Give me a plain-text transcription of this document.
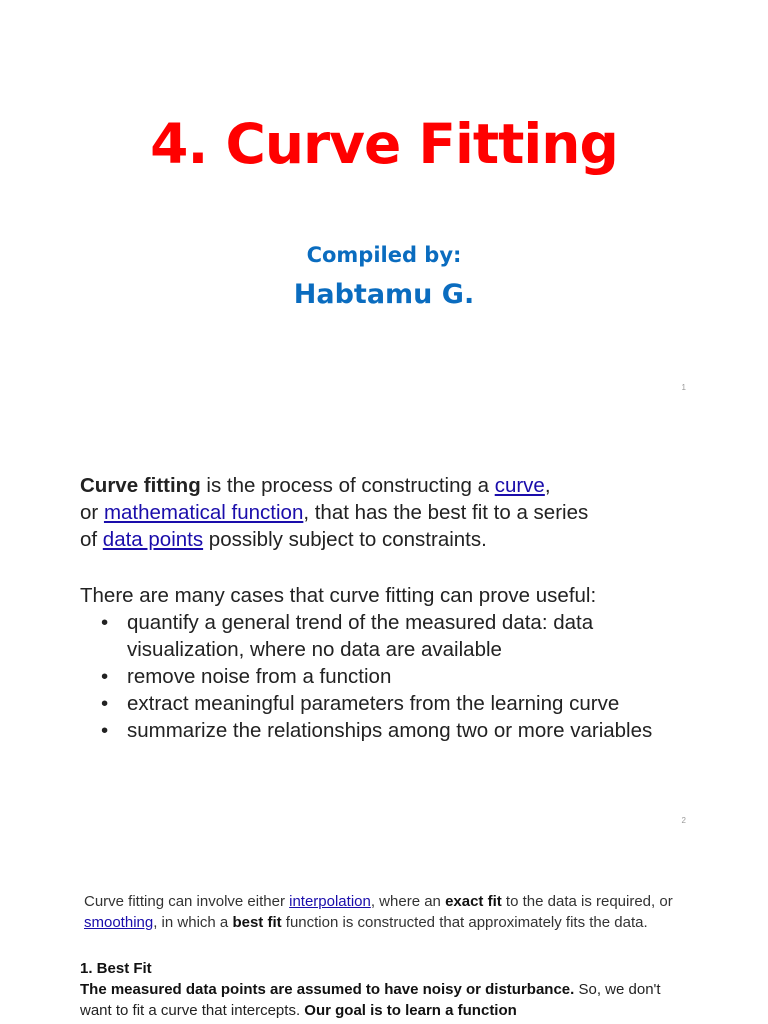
4. Curve Fitting
Compiled by:
Habtamu G.
1
Curve fitting is the process of constructing a curve,
or mathematical function, that has the best fit to a series
of data points possibly subject to constraints.
There are many cases that curve fitting can prove useful:
• quantify a general trend of the measured data: data visualization, where no data are available
• remove noise from a function
• extract meaningful parameters from the learning curve
• summarize the relationships among two or more variables
2
Curve fitting can involve either interpolation, where an exact fit to the data is required, or smoothing, in which a best fit function is constructed that approximately fits the data.
1. Best Fit
The measured data points are assumed to have noisy or disturbance. So, we don't want to fit a curve that intercepts. Our goal is to learn a function
